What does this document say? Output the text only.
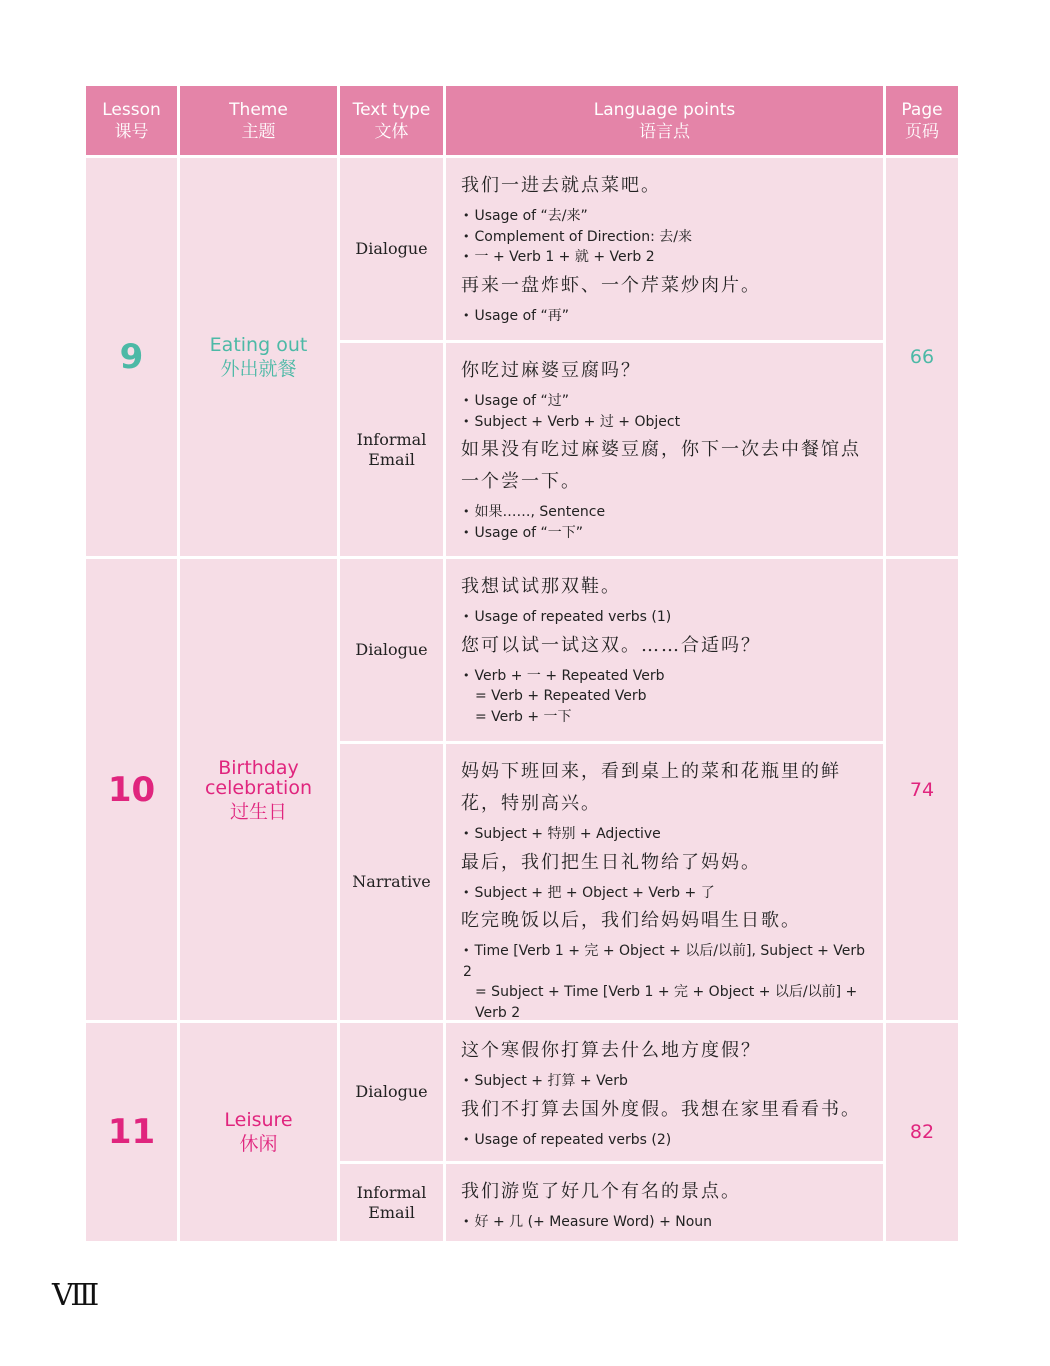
Lesson
课号
Theme
主题
Text type
文体
Language points
语言点
Page
页码
9	Eating out
外出就餐
Dialogue
Informal
Email
我们一进去就点菜吧。
• Usage of “去/来”
• Complement of Direction: 去/来
• 一 + Verb 1 + 就 + Verb 2
再来一盘炸虾、一个芹菜炒肉片。
• Usage of “再”
你吃过麻婆豆腐吗？
• Usage of “过”
• Subject + Verb + 过 + Object
如果没有吃过麻婆豆腐，你下一次去中餐馆点一个尝一下。
• 如果……, Sentence
• Usage of “一下”
66
10
Birthday celebration
过生日
Dialogue
Narrative
我想试试那双鞋。
• Usage of repeated verbs (1)
您可以试一试这双。……合适吗？
• Verb + 一 + Repeated Verb
= Verb + Repeated Verb
= Verb + 一下
妈妈下班回来，看到桌上的菜和花瓶里的鲜花，特别高兴。
• Subject + 特别 + Adjective
最后，我们把生日礼物给了妈妈。
• Subject + 把 + Object + Verb + 了
吃完晚饭以后，我们给妈妈唱生日歌。
• Time [Verb 1 + 完 + Object + 以后/以前], Subject + Verb 2
= Subject + Time [Verb 1 + 完 + Object + 以后/以前] + Verb 2
74
11	Leisure
休闲
Dialogue
Informal
Email
这个寒假你打算去什么地方度假？
• Subject + 打算 + Verb
我们不打算去国外度假。我想在家里看看书。
• Usage of repeated verbs (2)
我们游览了好几个有名的景点。
• 好 + 几 (+ Measure Word) + Noun
82
Ⅷ
